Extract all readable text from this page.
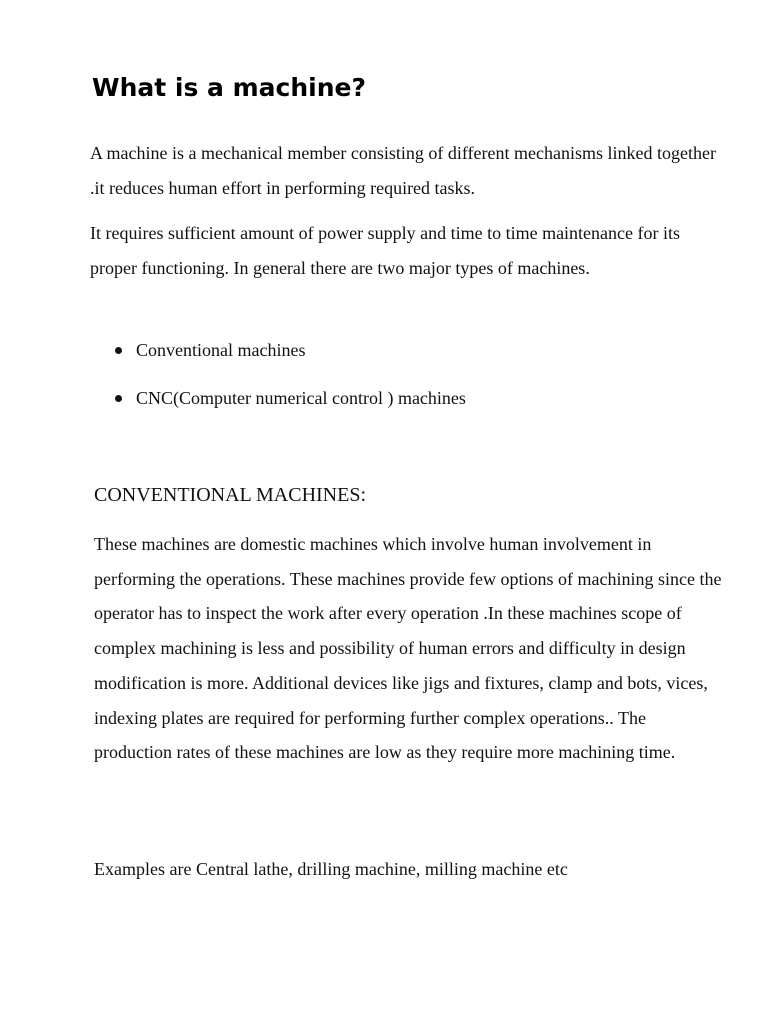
What is a machine?

A machine is a mechanical member consisting of different mechanisms linked together .it reduces human effort in performing required tasks.

It requires sufficient amount of power supply and time to time maintenance for its proper functioning. In general there are two major types of machines.

Conventional machines
CNC(Computer numerical control ) machines
CONVENTIONAL MACHINES:

These machines are domestic machines which involve human involvement in performing the operations. These machines provide few options of machining since the operator has to inspect the work after every operation .In these machines scope of complex machining is less and possibility of human errors and difficulty in design modification is more. Additional devices like jigs and fixtures, clamp and bots, vices, indexing plates are required for performing further complex operations.. The production rates of these machines are low as they require more machining time.

Examples are Central lathe, drilling machine, milling machine etc
